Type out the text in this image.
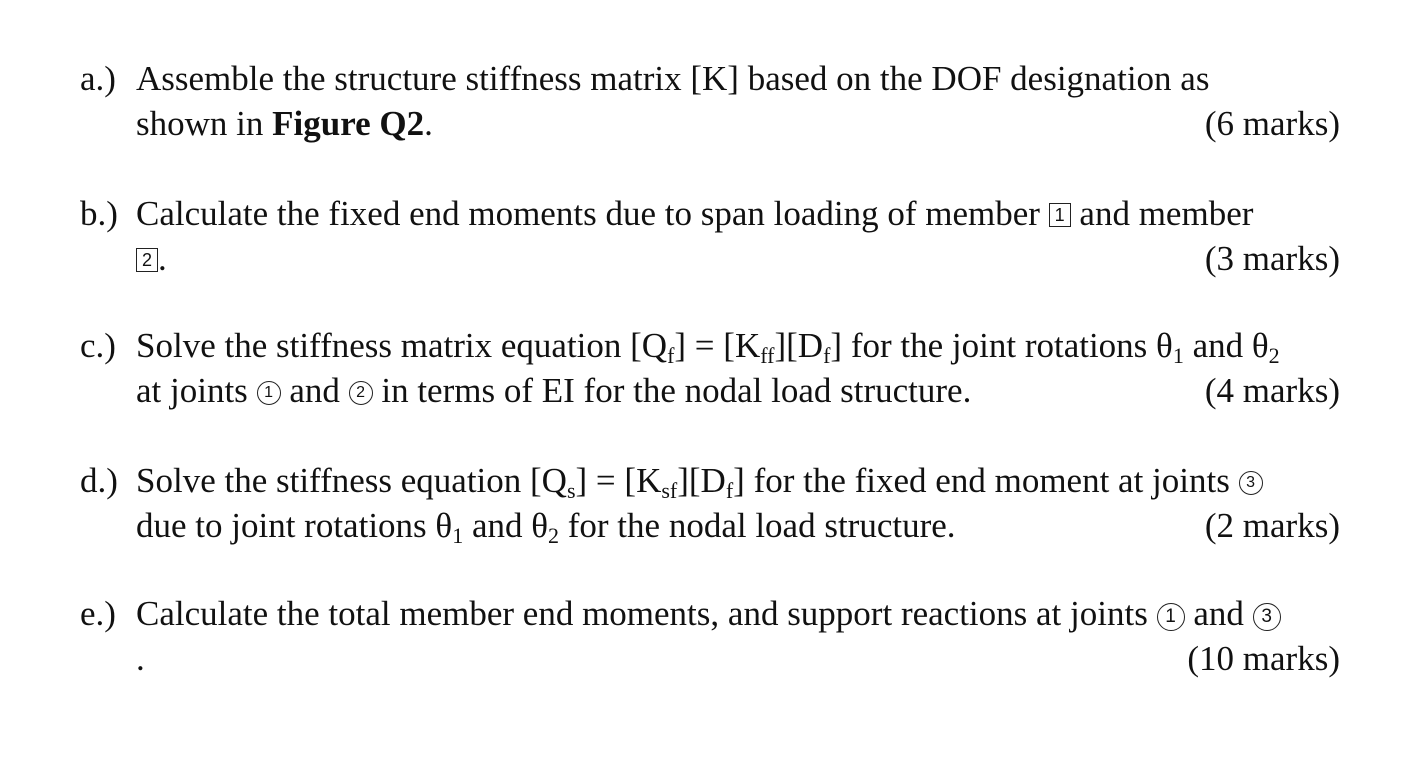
a.) Assemble the structure stiffness matrix [K] based on the DOF designation as
shown in Figure Q2.	(6 marks)
b.) Calculate the fixed end moments due to span loading of member 1 and member
2 .	(3 marks)
c.) Solve the stiffness matrix equation $[Q_f] = [K_{ff}][D_f]$ for the joint rotations $\theta_1$ and $\theta_2$
at joints 1 and 2 in terms of EI for the nodal load structure.	(4 marks)
d.) Solve the stiffness equation $[Q_s] = [K_{sf}][D_f]$ for the fixed end moment at joints 3
due to joint rotations $\theta_1$ and $\theta_2$ for the nodal load structure.	(2 marks)
e.) Calculate the total member end moments, and support reactions at joints 1 and 3
.	(10 marks)
